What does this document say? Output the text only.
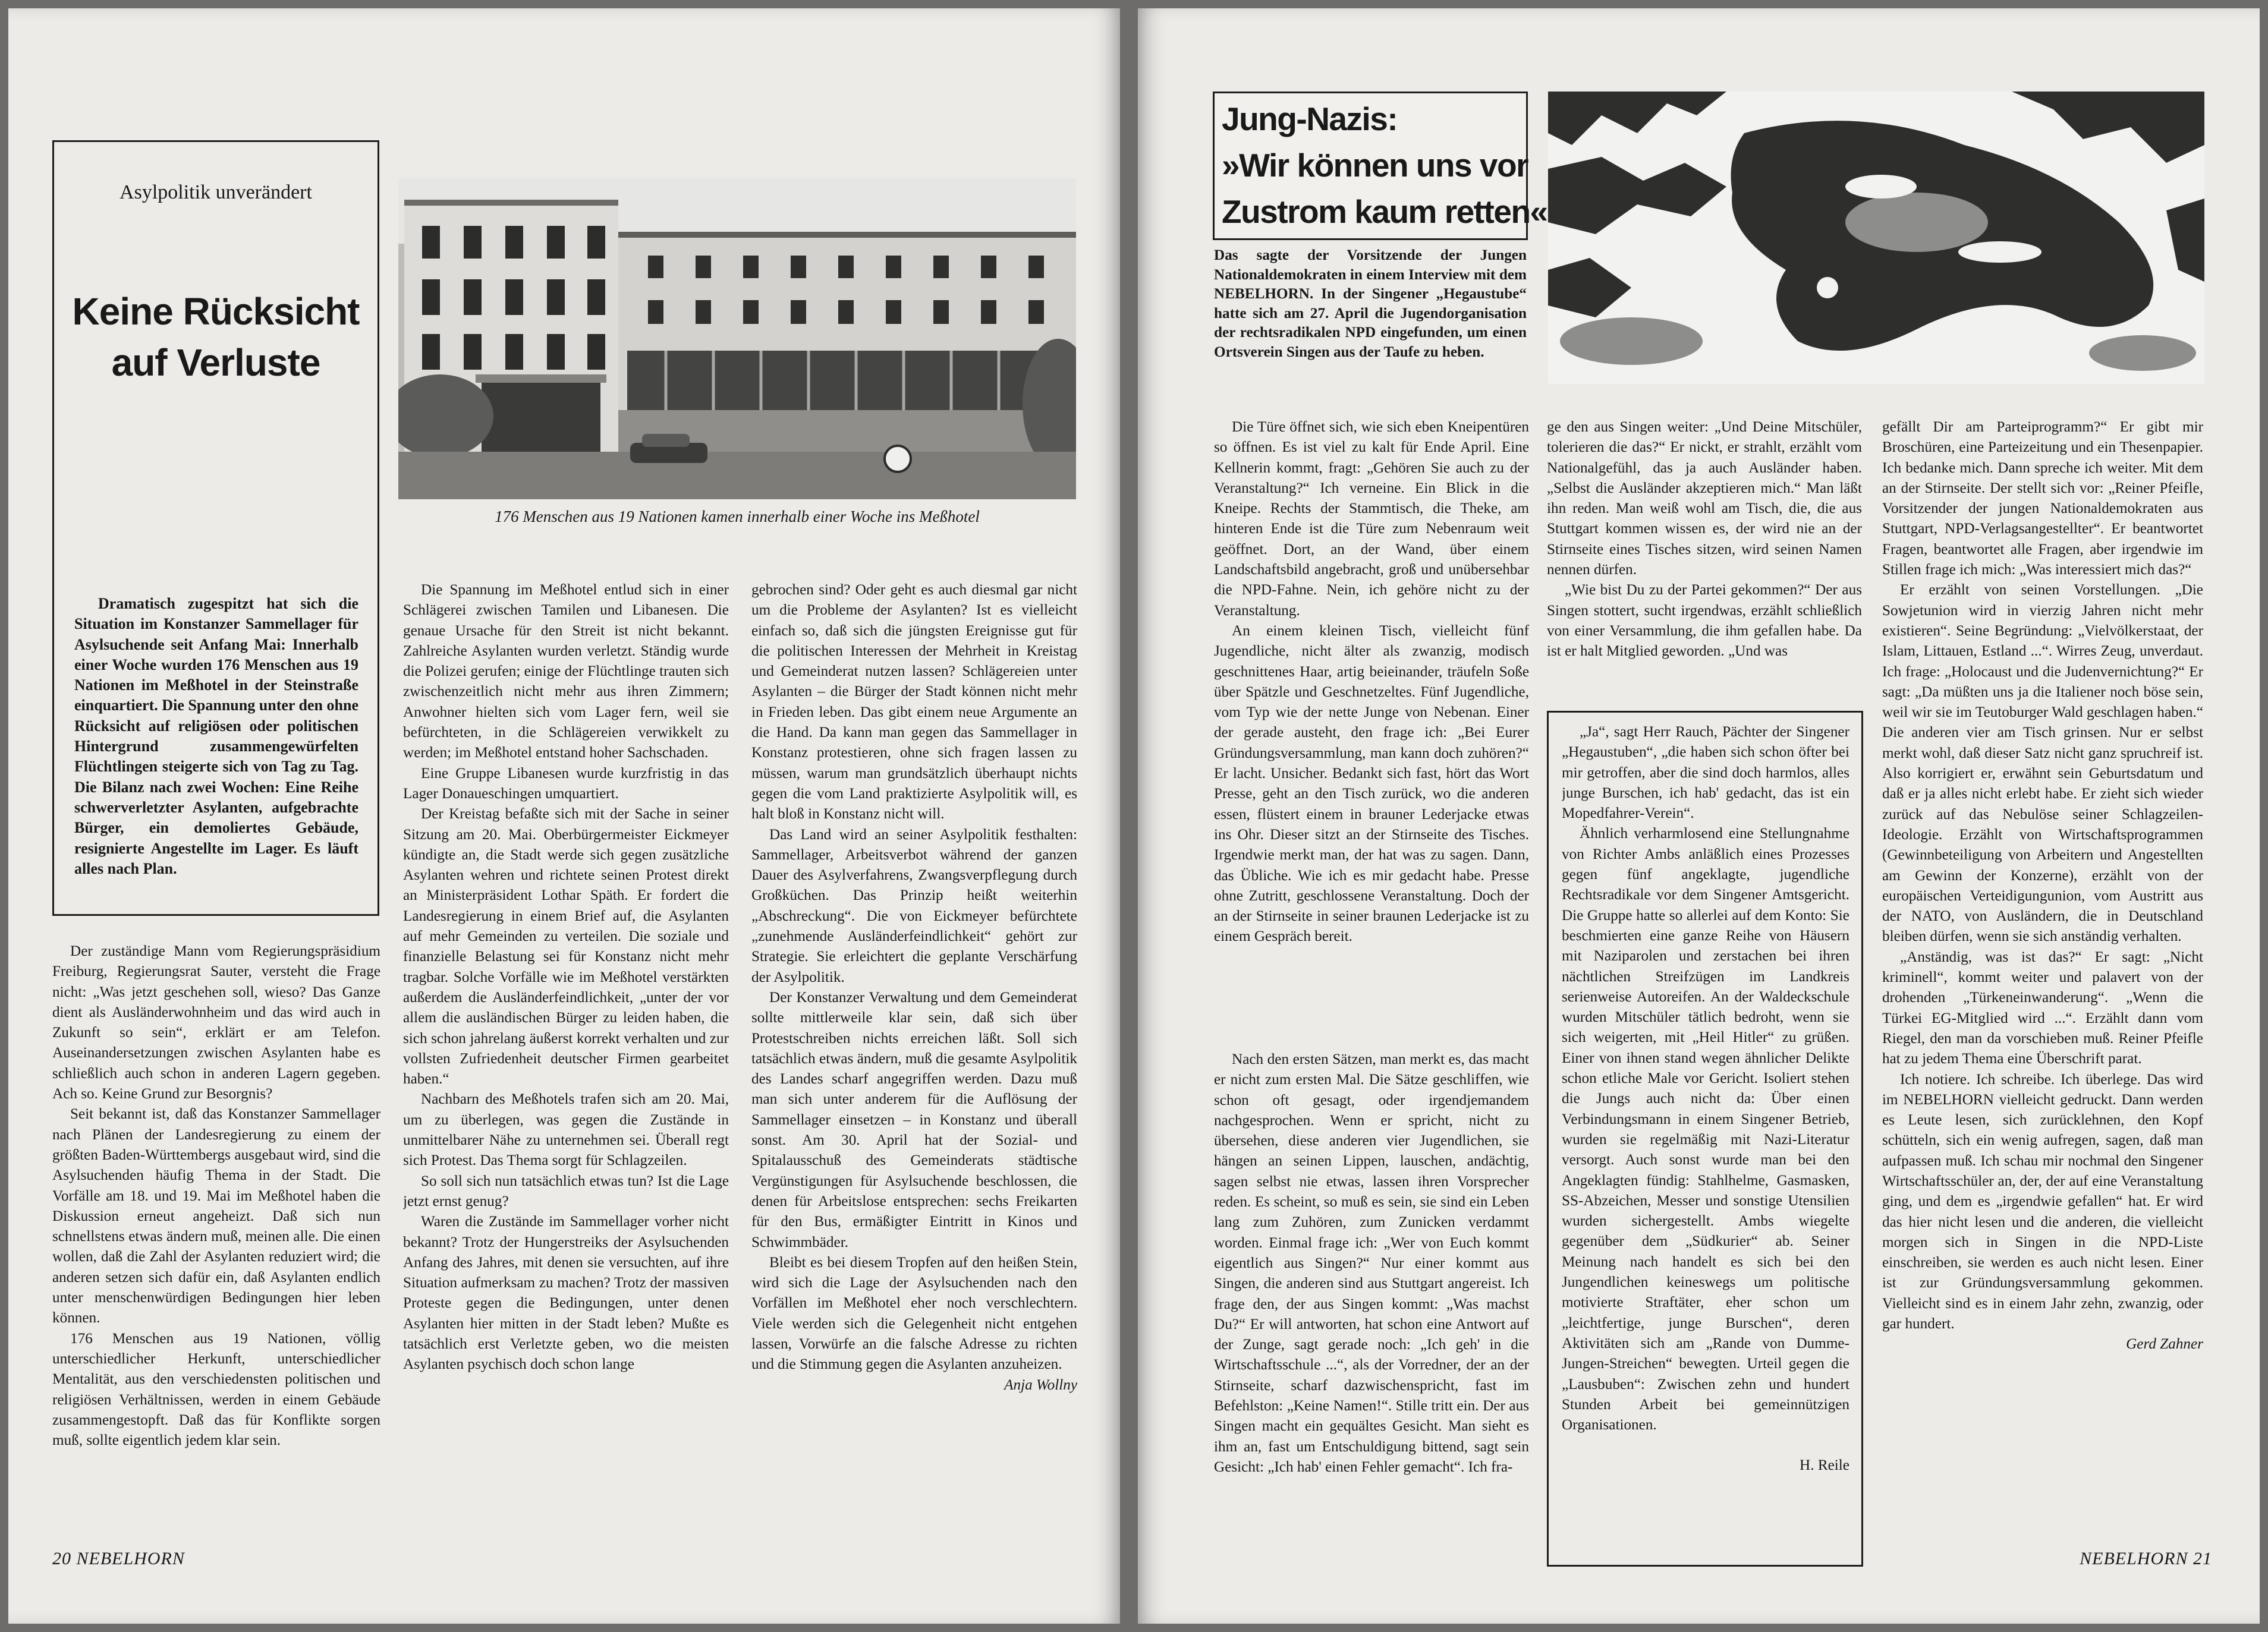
Asylpolitik unverändert
Keine Rücksicht
auf Verluste
Dramatisch zugespitzt hat sich die Situation im Konstanzer Sammellager für Asylsuchende seit Anfang Mai: Innerhalb einer Woche wurden 176 Menschen aus 19 Nationen im Meßhotel in der Steinstraße einquartiert. Die Spannung unter den ohne Rücksicht auf religiösen oder politischen Hintergrund zusammengewürfelten Flüchtlingen steigerte sich von Tag zu Tag. Die Bilanz nach zwei Wochen: Eine Reihe schwerverletzter Asylanten, aufgebrachte Bürger, ein demoliertes Gebäude, resignierte Angestellte im Lager. Es läuft alles nach Plan.
176 Menschen aus 19 Nationen kamen innerhalb einer Woche ins Meßhotel

Der zuständige Mann vom Regierungspräsidium Freiburg, Regierungsrat Sauter, versteht die Frage nicht: „Was jetzt geschehen soll, wieso? Das Ganze dient als Ausländerwohnheim und das wird auch in Zukunft so sein“, erklärt er am Telefon. Auseinandersetzungen zwischen Asylanten habe es schließlich auch schon in anderen Lagern gegeben. Ach so. Keine Grund zur Besorgnis?

Seit bekannt ist, daß das Konstanzer Sammellager nach Plänen der Landesregierung zu einem der größten Baden-Württembergs ausgebaut wird, sind die Asylsuchenden häufig Thema in der Stadt. Die Vorfälle am 18. und 19. Mai im Meßhotel haben die Diskussion erneut angeheizt. Daß sich nun schnellstens etwas ändern muß, meinen alle. Die einen wollen, daß die Zahl der Asylanten reduziert wird; die anderen setzen sich dafür ein, daß Asylanten endlich unter menschenwürdigen Bedingungen hier leben können.

176 Menschen aus 19 Nationen, völlig unterschiedlicher Herkunft, unterschiedlicher Mentalität, aus den verschiedensten politischen und religiösen Verhältnissen, werden in einem Gebäude zusammengestopft. Daß das für Konflikte sorgen muß, sollte eigentlich jedem klar sein.

Die Spannung im Meßhotel entlud sich in einer Schlägerei zwischen Tamilen und Libanesen. Die genaue Ursache für den Streit ist nicht bekannt. Zahlreiche Asylanten wurden verletzt. Ständig wurde die Polizei gerufen; einige der Flüchtlinge trauten sich zwischenzeitlich nicht mehr aus ihren Zimmern; Anwohner hielten sich vom Lager fern, weil sie befürchteten, in die Schlägereien verwikkelt zu werden; im Meßhotel entstand hoher Sachschaden.

Eine Gruppe Libanesen wurde kurzfristig in das Lager Donaueschingen umquartiert.

Der Kreistag befaßte sich mit der Sache in seiner Sitzung am 20. Mai. Oberbürgermeister Eickmeyer kündigte an, die Stadt werde sich gegen zusätzliche Asylanten wehren und richtete seinen Protest direkt an Ministerpräsident Lothar Späth. Er fordert die Landesregierung in einem Brief auf, die Asylanten auf mehr Gemeinden zu verteilen. Die soziale und finanzielle Belastung sei für Konstanz nicht mehr tragbar. Solche Vorfälle wie im Meßhotel verstärkten außerdem die Ausländerfeindlichkeit, „unter der vor allem die ausländischen Bürger zu leiden haben, die sich schon jahrelang äußerst korrekt verhalten und zur vollsten Zufriedenheit deutscher Firmen gearbeitet haben.“

Nachbarn des Meßhotels trafen sich am 20. Mai, um zu überlegen, was gegen die Zustände in unmittelbarer Nähe zu unternehmen sei. Überall regt sich Protest. Das Thema sorgt für Schlagzeilen.

So soll sich nun tatsächlich etwas tun? Ist die Lage jetzt ernst genug?

Waren die Zustände im Sammellager vorher nicht bekannt? Trotz der Hungerstreiks der Asylsuchenden Anfang des Jahres, mit denen sie versuchten, auf ihre Situation aufmerksam zu machen? Trotz der massiven Proteste gegen die Bedingungen, unter denen Asylanten hier mitten in der Stadt leben? Mußte es tatsächlich erst Verletzte geben, wo die meisten Asylanten psychisch doch schon lange

gebrochen sind? Oder geht es auch diesmal gar nicht um die Probleme der Asylanten? Ist es vielleicht einfach so, daß sich die jüngsten Ereignisse gut für die politischen Interessen der Mehrheit in Kreistag und Gemeinderat nutzen lassen? Schlägereien unter Asylanten – die Bürger der Stadt können nicht mehr in Frieden leben. Das gibt einem neue Argumente an die Hand. Da kann man gegen das Sammellager in Konstanz protestieren, ohne sich fragen lassen zu müssen, warum man grundsätzlich überhaupt nichts gegen die vom Land praktizierte Asylpolitik will, es halt bloß in Konstanz nicht will.

Das Land wird an seiner Asylpolitik festhalten: Sammellager, Arbeitsverbot während der ganzen Dauer des Asylverfahrens, Zwangsverpflegung durch Großküchen. Das Prinzip heißt weiterhin „Abschreckung“. Die von Eickmeyer befürchtete „zunehmende Ausländerfeindlichkeit“ gehört zur Strategie. Sie erleichtert die geplante Verschärfung der Asylpolitik.

Der Konstanzer Verwaltung und dem Gemeinderat sollte mittlerweile klar sein, daß sich über Protestschreiben nichts erreichen läßt. Soll sich tatsächlich etwas ändern, muß die gesamte Asylpolitik des Landes scharf angegriffen werden. Dazu muß man sich unter anderem für die Auflösung der Sammellager einsetzen – in Konstanz und überall sonst. Am 30. April hat der Sozial- und Spitalausschuß des Gemeinderats städtische Vergünstigungen für Asylsuchende beschlossen, die denen für Arbeitslose entsprechen: sechs Freikarten für den Bus, ermäßigter Eintritt in Kinos und Schwimmbäder.

Bleibt es bei diesem Tropfen auf den heißen Stein, wird sich die Lage der Asylsuchenden nach den Vorfällen im Meßhotel eher noch verschlechtern. Viele werden sich die Gelegenheit nicht entgehen lassen, Vorwürfe an die falsche Adresse zu richten und die Stimmung gegen die Asylanten anzuheizen.

Anja Wollny

20 NEBELHORN
Jung-Nazis:
»Wir können uns vor
Zustrom kaum retten«
Das sagte der Vorsitzende der Jungen Nationaldemokraten in einem Interview mit dem NEBELHORN. In der Singener „Hegaustube“ hatte sich am 27. April die Jugendorganisation der rechtsradikalen NPD eingefunden, um einen Ortsverein Singen aus der Taufe zu heben.

Die Türe öffnet sich, wie sich eben Kneipentüren so öffnen. Es ist viel zu kalt für Ende April. Eine Kellnerin kommt, fragt: „Gehören Sie auch zu der Veranstaltung?“ Ich verneine. Ein Blick in die Kneipe. Rechts der Stammtisch, die Theke, am hinteren Ende ist die Türe zum Nebenraum weit geöffnet. Dort, an der Wand, über einem Landschaftsbild angebracht, groß und unübersehbar die NPD-Fahne. Nein, ich gehöre nicht zu der Veranstaltung.

An einem kleinen Tisch, vielleicht fünf Jugendliche, nicht älter als zwanzig, modisch geschnittenes Haar, artig beieinander, träufeln Soße über Spätzle und Geschnetzeltes. Fünf Jugendliche, vom Typ wie der nette Junge von Nebenan. Einer der gerade austeht, den frage ich: „Bei Eurer Gründungsversammlung, man kann doch zuhören?“ Er lacht. Unsicher. Bedankt sich fast, hört das Wort Presse, geht an den Tisch zurück, wo die anderen essen, flüstert einem in brauner Lederjacke etwas ins Ohr. Dieser sitzt an der Stirnseite des Tisches. Irgendwie merkt man, der hat was zu sagen. Dann, das Übliche. Wie ich es mir gedacht habe. Presse ohne Zutritt, geschlossene Veranstaltung. Doch der an der Stirnseite in seiner braunen Lederjacke ist zu einem Gespräch bereit.

Nach den ersten Sätzen, man merkt es, das macht er nicht zum ersten Mal. Die Sätze geschliffen, wie schon oft gesagt, oder irgendjemandem nachgesprochen. Wenn er spricht, nicht zu übersehen, diese anderen vier Jugendlichen, sie hängen an seinen Lippen, lauschen, andächtig, sagen selbst nie etwas, lassen ihren Vorsprecher reden. Es scheint, so muß es sein, sie sind ein Leben lang zum Zuhören, zum Zunicken verdammt worden. Einmal frage ich: „Wer von Euch kommt eigentlich aus Singen?“ Nur einer kommt aus Singen, die anderen sind aus Stuttgart angereist. Ich frage den, der aus Singen kommt: „Was machst Du?“ Er will antworten, hat schon eine Antwort auf der Zunge, sagt gerade noch: „Ich geh' in die Wirtschaftsschule ...“, als der Vorredner, der an der Stirnseite, scharf dazwischenspricht, fast im Befehlston: „Keine Namen!“. Stille tritt ein. Der aus Singen macht ein gequältes Gesicht. Man sieht es ihm an, fast um Entschuldigung bittend, sagt sein Gesicht: „Ich hab' einen Fehler gemacht“. Ich fra-

ge den aus Singen weiter: „Und Deine Mitschüler, tolerieren die das?“ Er nickt, er strahlt, erzählt vom Nationalgefühl, das ja auch Ausländer haben. „Selbst die Ausländer akzeptieren mich.“ Man läßt ihn reden. Man weiß wohl am Tisch, die, die aus Stuttgart kommen wissen es, der wird nie an der Stirnseite eines Tisches sitzen, wird seinen Namen nennen dürfen.

„Wie bist Du zu der Partei gekommen?“ Der aus Singen stottert, sucht irgendwas, erzählt schließlich von einer Versammlung, die ihm gefallen habe. Da ist er halt Mitglied geworden. „Und was

„Ja“, sagt Herr Rauch, Pächter der Singener „Hegaustuben“, „die haben sich schon öfter bei mir getroffen, aber die sind doch harmlos, alles junge Burschen, ich hab' gedacht, das ist ein Mopedfahrer-Verein“.

Ähnlich verharmlosend eine Stellungnahme von Richter Ambs anläßlich eines Prozesses gegen fünf angeklagte, jugendliche Rechtsradikale vor dem Singener Amtsgericht. Die Gruppe hatte so allerlei auf dem Konto: Sie beschmierten eine ganze Reihe von Häusern mit Naziparolen und zerstachen bei ihren nächtlichen Streifzügen im Landkreis serienweise Autoreifen. An der Waldeckschule wurden Mitschüler tätlich bedroht, wenn sie sich weigerten, mit „Heil Hitler“ zu grüßen. Einer von ihnen stand wegen ähnlicher Delikte schon etliche Male vor Gericht. Isoliert stehen die Jungs auch nicht da: Über einen Verbindungsmann in einem Singener Betrieb, wurden sie regelmäßig mit Nazi-Literatur versorgt. Auch sonst wurde man bei den Angeklagten fündig: Stahlhelme, Gasmasken, SS-Abzeichen, Messer und sonstige Utensilien wurden sichergestellt. Ambs wiegelte gegenüber dem „Südkurier“ ab. Seiner Meinung nach handelt es sich bei den Jungendlichen keineswegs um politische motivierte Straftäter, eher schon um „leichtfertige, junge Burschen“, deren Aktivitäten sich am „Rande von Dumme-Jungen-Streichen“ bewegten. Urteil gegen die „Lausbuben“: Zwischen zehn und hundert Stunden Arbeit bei gemeinnützigen Organisationen.

H. Reile

gefällt Dir am Parteiprogramm?“ Er gibt mir Broschüren, eine Parteizeitung und ein Thesenpapier. Ich bedanke mich. Dann spreche ich weiter. Mit dem an der Stirnseite. Der stellt sich vor: „Reiner Pfeifle, Vorsitzender der jungen Nationaldemokraten aus Stuttgart, NPD-Verlagsangestellter“. Er beantwortet Fragen, beantwortet alle Fragen, aber irgendwie im Stillen frage ich mich: „Was interessiert mich das?“

Er erzählt von seinen Vorstellungen. „Die Sowjetunion wird in vierzig Jahren nicht mehr existieren“. Seine Begründung: „Vielvölkerstaat, der Islam, Littauen, Estland ...“. Wirres Zeug, unverdaut. Ich frage: „Holocaust und die Judenvernichtung?“ Er sagt: „Da müßten uns ja die Italiener noch böse sein, weil wir sie im Teutoburger Wald geschlagen haben.“ Die anderen vier am Tisch grinsen. Nur er selbst merkt wohl, daß dieser Satz nicht ganz spruchreif ist. Also korrigiert er, erwähnt sein Geburtsdatum und daß er ja alles nicht erlebt habe. Er zieht sich wieder zurück auf das Nebulöse seiner Schlagzeilen-Ideologie. Erzählt von Wirtschaftsprogrammen (Gewinnbeteiligung von Arbeitern und Angestellten am Gewinn der Konzerne), erzählt von der europäischen Verteidigungunion, vom Austritt aus der NATO, von Ausländern, die in Deutschland bleiben dürfen, wenn sie sich anständig verhalten.

„Anständig, was ist das?“ Er sagt: „Nicht kriminell“, kommt weiter und palavert von der drohenden „Türkeneinwanderung“. „Wenn die Türkei EG-Mitglied wird ...“. Erzählt dann vom Riegel, den man da vorschieben muß. Reiner Pfeifle hat zu jedem Thema eine Überschrift parat.

Ich notiere. Ich schreibe. Ich überlege. Das wird im NEBELHORN vielleicht gedruckt. Dann werden es Leute lesen, sich zurücklehnen, den Kopf schütteln, sich ein wenig aufregen, sagen, daß man aufpassen muß. Ich schau mir nochmal den Singener Wirtschaftsschüler an, der, der auf eine Veranstaltung ging, und dem es „irgendwie gefallen“ hat. Er wird das hier nicht lesen und die anderen, die vielleicht morgen sich in Singen in die NPD-Liste einschreiben, sie werden es auch nicht lesen. Einer ist zur Gründungsversammlung gekommen. Vielleicht sind es in einem Jahr zehn, zwanzig, oder gar hundert.

Gerd Zahner

NEBELHORN 21
